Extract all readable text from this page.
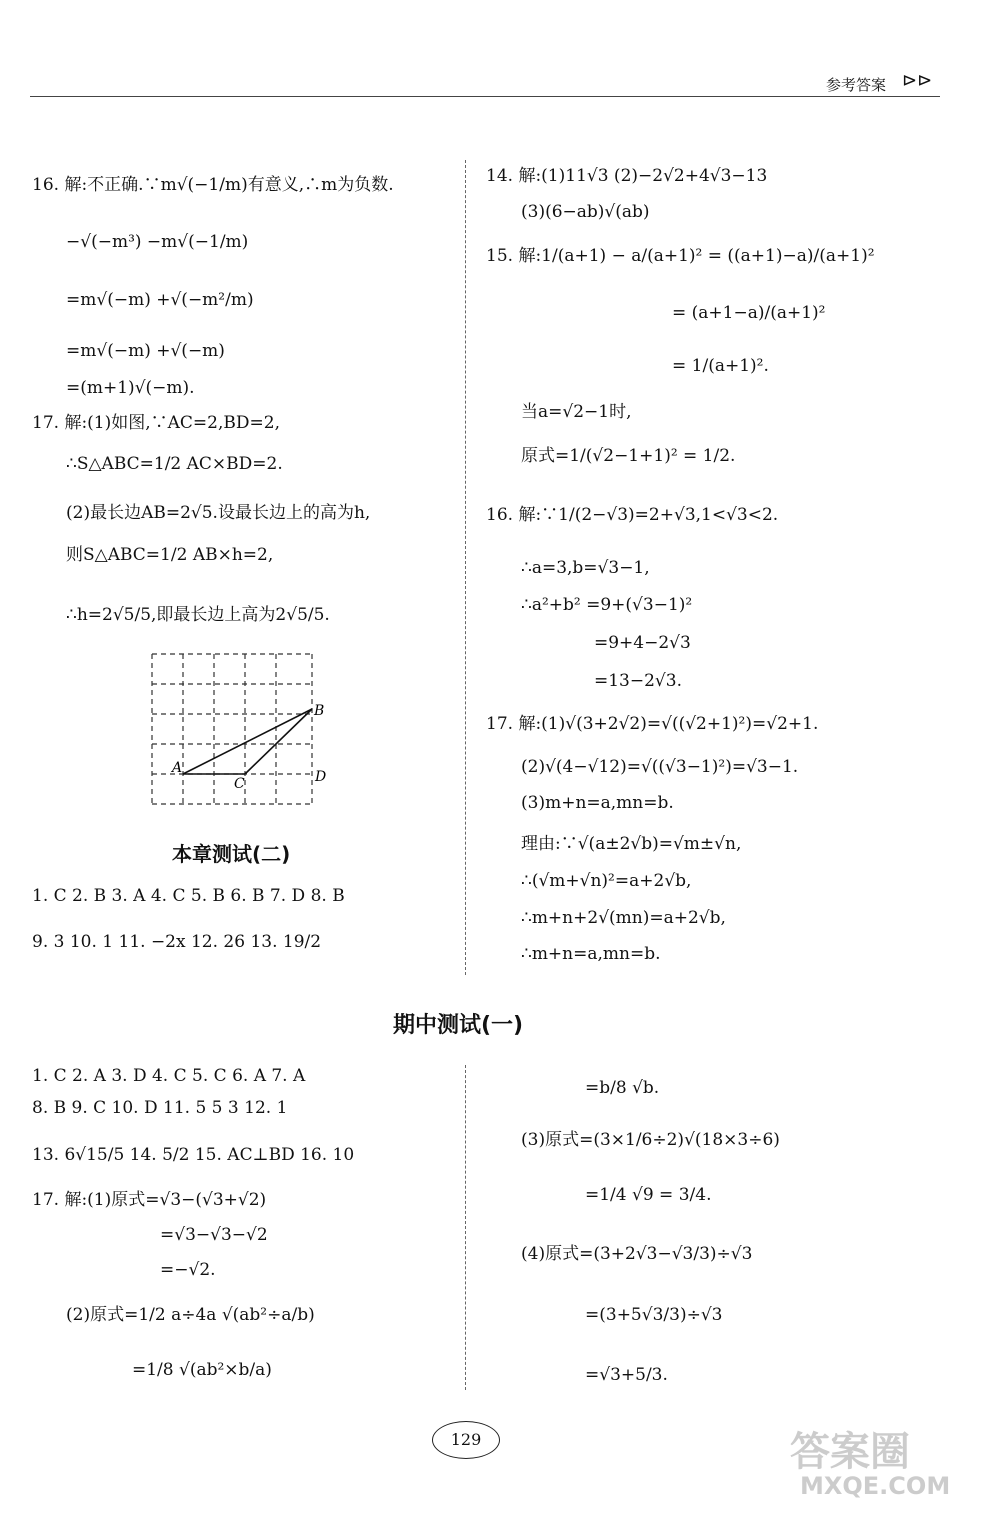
参考答案 ⊳⊳
16. 解:不正确.∵m√(−1/m)有意义,∴m为负数.
−√(−m³) −m√(−1/m)
=m√(−m) +√(−m²/m)
=m√(−m) +√(−m)
=(m+1)√(−m).
17. 解:(1)如图,∵AC=2,BD=2,
∴S△ABC=1/2 AC×BD=2.
(2)最长边AB=2√5.设最长边上的高为h,
则S△ABC=1/2 AB×h=2,
∴h=2√5/5,即最长边上高为2√5/5.
A
B
C	D
本章测试(二)
1. C 2. B 3. A 4. C 5. B 6. B 7. D 8. B
9. 3 10. 1 11. −2x 12. 26 13. 19/2
14. 解:(1)11√3 (2)−2√2+4√3−13
(3)(6−ab)√(ab)
15. 解:1/(a+1) − a/(a+1)² = ((a+1)−a)/(a+1)²
= (a+1−a)/(a+1)²
= 1/(a+1)².
当a=√2−1时,
原式=1/(√2−1+1)² = 1/2.
16. 解:∵1/(2−√3)=2+√3,1<√3<2.
∴a=3,b=√3−1,
∴a²+b² =9+(√3−1)²
=9+4−2√3
=13−2√3.
17. 解:(1)√(3+2√2)=√((√2+1)²)=√2+1.
(2)√(4−√12)=√((√3−1)²)=√3−1.
(3)m+n=a,mn=b.
理由:∵√(a±2√b)=√m±√n,
∴(√m+√n)²=a+2√b,
∴m+n+2√(mn)=a+2√b,
∴m+n=a,mn=b.
期中测试(一)
1. C 2. A 3. D 4. C 5. C 6. A 7. A
8. B 9. C 10. D 11. 5 5 3 12. 1
13. 6√15/5 14. 5/2 15. AC⊥BD 16. 10
17. 解:(1)原式=√3−(√3+√2)
=√3−√3−√2
=−√2.
(2)原式=1/2 a÷4a √(ab²÷a/b)
=1/8 √(ab²×b/a)
=b/8 √b.
(3)原式=(3×1/6÷2)√(18×3÷6)
=1/4 √9 = 3/4.
(4)原式=(3+2√3−√3/3)÷√3
=(3+5√3/3)÷√3
=√3+5/3.
129	答案圈
MXQE.COM
